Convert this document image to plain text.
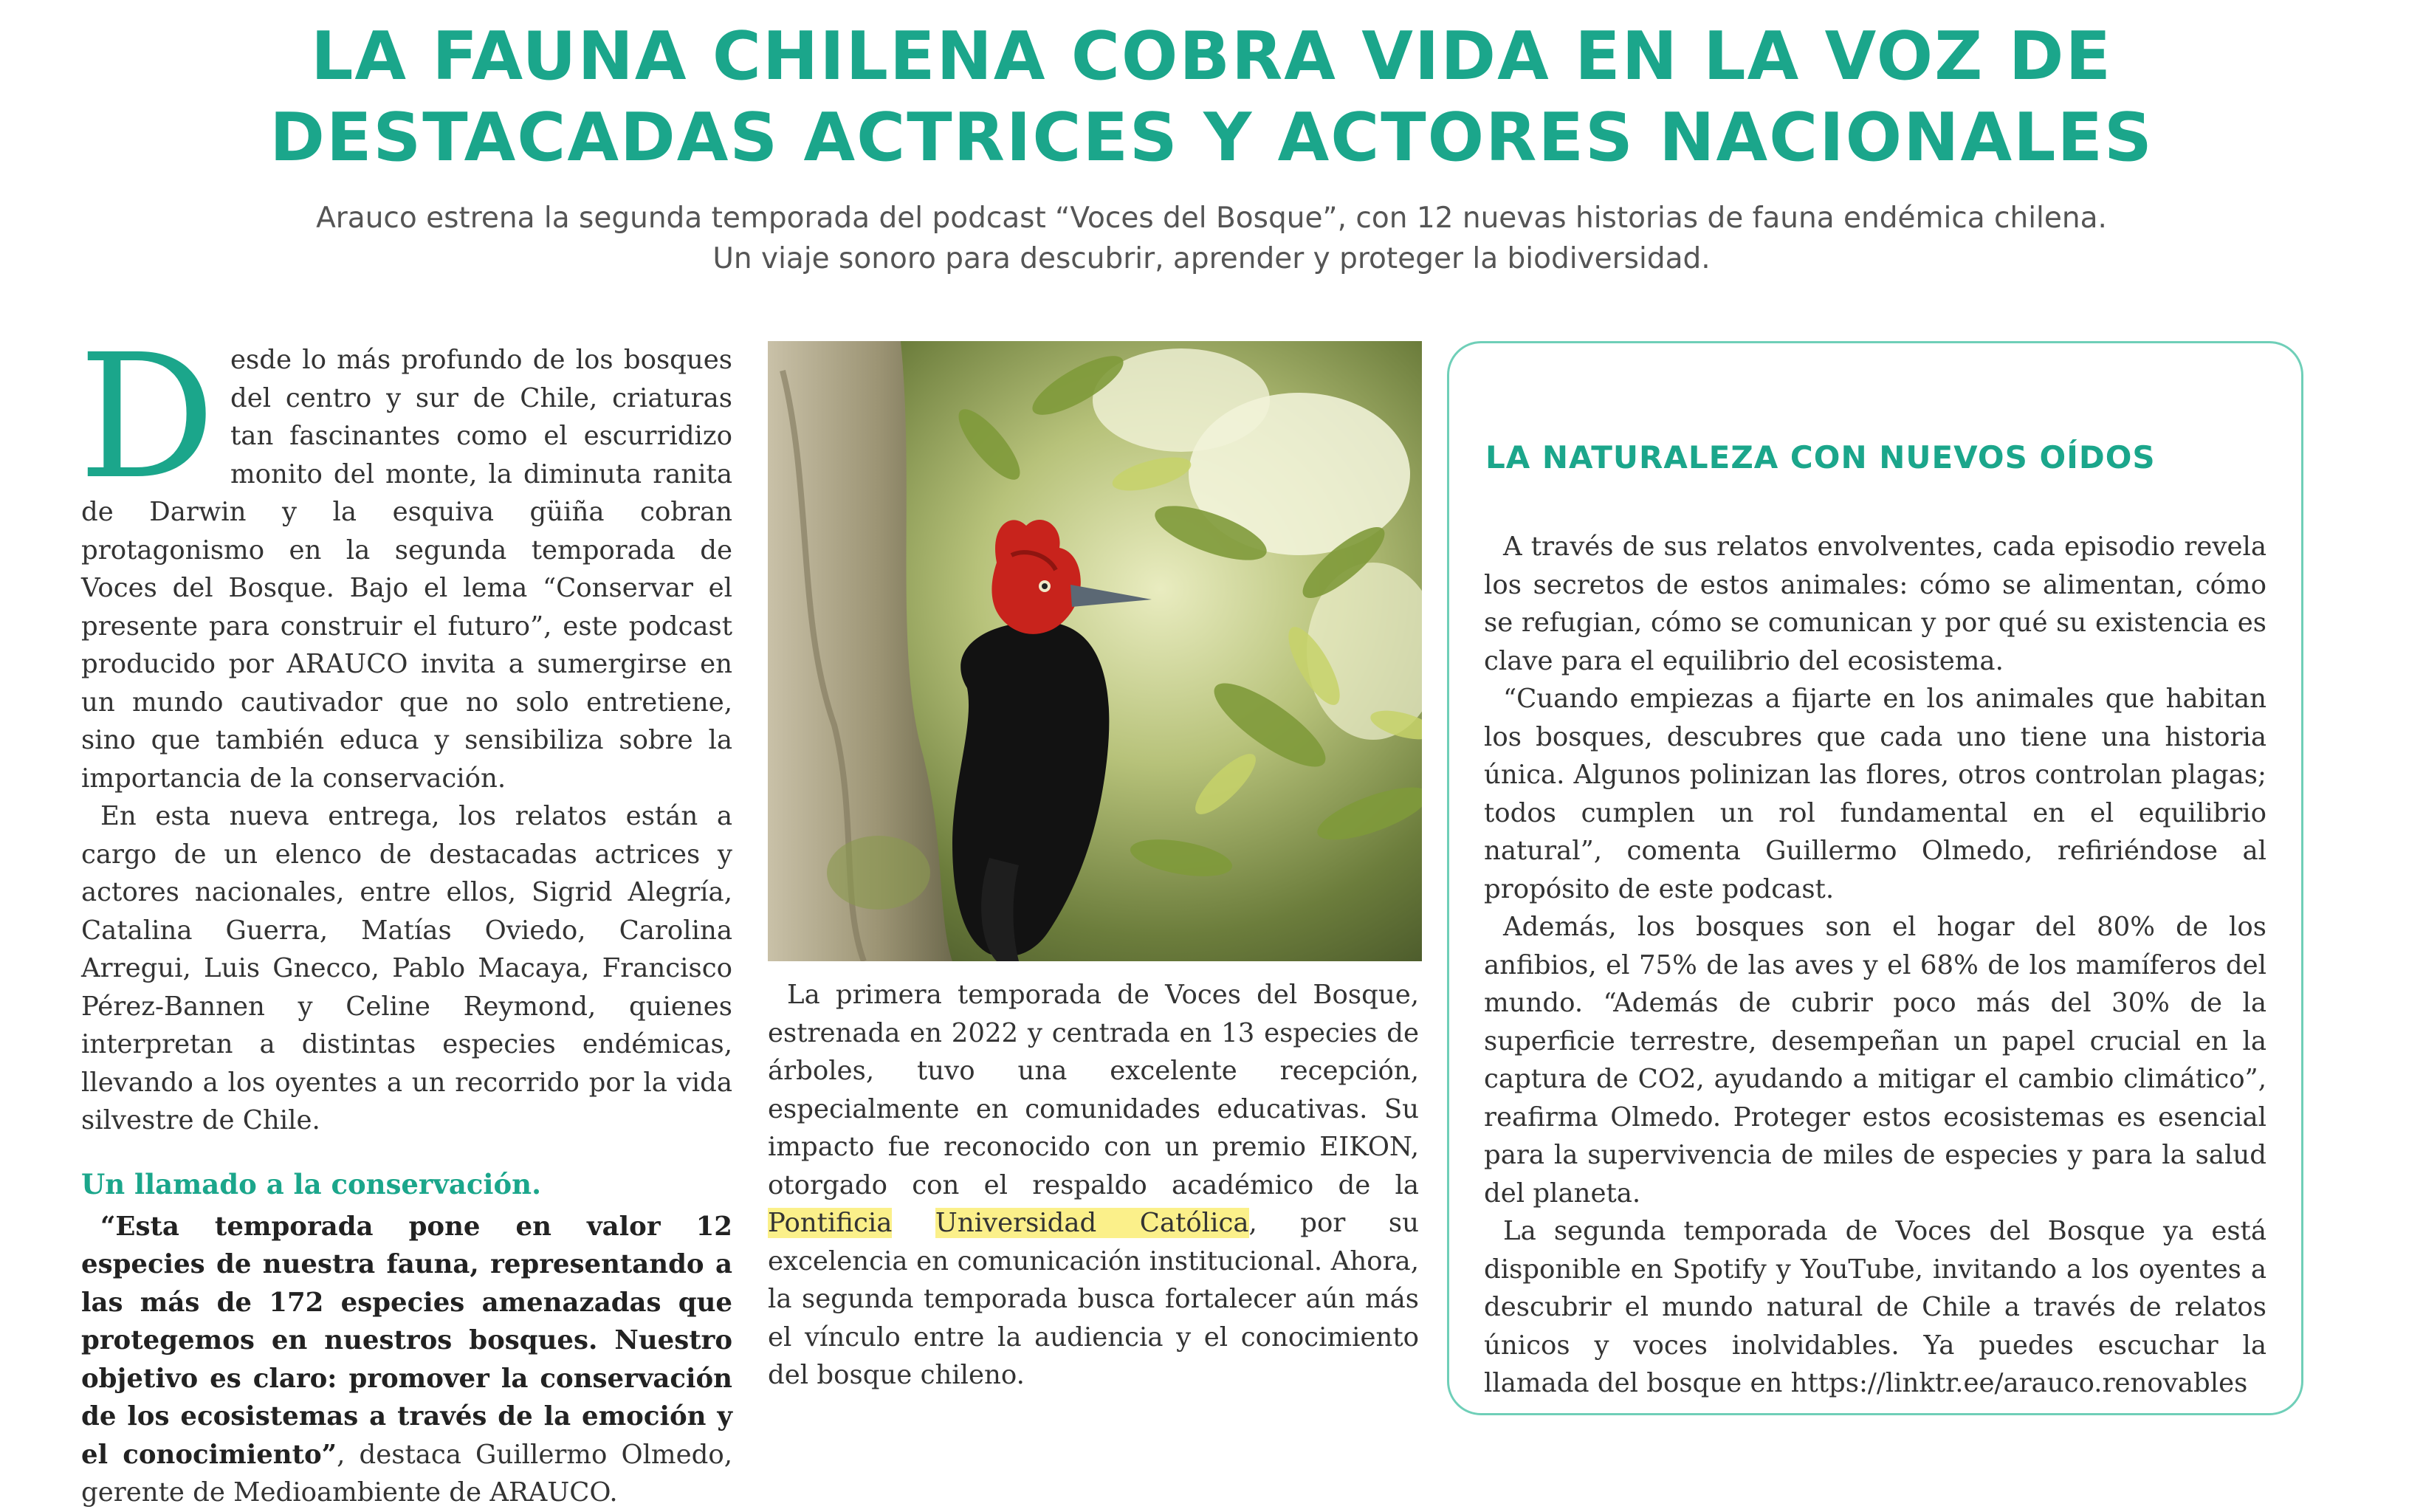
LA FAUNA CHILENA COBRA VIDA EN LA VOZ DE
DESTACADAS ACTRICES Y ACTORES NACIONALES

Arauco estrena la segunda temporada del podcast “Voces del Bosque”, con 12 nuevas historias de fauna endémica chilena.
Un viaje sonoro para descubrir, aprender y proteger la biodiversidad.

D esde lo más profundo de los bosques del centro y sur de Chile, criaturas tan fascinantes como el escurridizo monito del monte, la diminuta ranita de Darwin y la esquiva güiña cobran protagonismo en la segunda temporada de Voces del Bosque. Bajo el lema “Conservar el presente para construir el futuro”, este podcast producido por ARAUCO invita a sumergirse en un mundo cautivador que no solo entretiene, sino que también educa y sensibiliza sobre la importancia de la conservación.

En esta nueva entrega, los relatos están a cargo de un elenco de destacadas actrices y actores nacionales, entre ellos, Sigrid Alegría, Catalina Guerra, Matías Oviedo, Carolina Arregui, Luis Gnecco, Pablo Macaya, Francisco Pérez-Bannen y Celine Reymond, quienes interpretan a distintas especies endémicas, llevando a los oyentes a un recorrido por la vida silvestre de Chile.

Un llamado a la conservación.

“Esta temporada pone en valor 12 especies de nuestra fauna, representando a las más de 172 especies amenazadas que protegemos en nuestros bosques. Nuestro objetivo es claro: promover la conservación de los ecosistemas a través de la emoción y el conocimiento”, destaca Guillermo Olmedo, gerente de Medioambiente de ARAUCO.

La primera temporada de Voces del Bosque, estrenada en 2022 y centrada en 13 especies de árboles, tuvo una excelente recepción, especialmente en comunidades educativas. Su impacto fue reconocido con un premio EIKON, otorgado con el respaldo académico de la Pontificia Universidad Católica, por su excelencia en comunicación institucional. Ahora, la segunda temporada busca fortalecer aún más el vínculo entre la audiencia y el conocimiento del bosque chileno.

LA NATURALEZA CON NUEVOS OÍDOS

A través de sus relatos envolventes, cada episodio revela los secretos de estos animales: cómo se alimentan, cómo se refugian, cómo se comunican y por qué su existencia es clave para el equilibrio del ecosistema.

“Cuando empiezas a fijarte en los animales que habitan los bosques, descubres que cada uno tiene una historia única. Algunos polinizan las flores, otros controlan plagas; todos cumplen un rol fundamental en el equilibrio natural”, comenta Guillermo Olmedo, refiriéndose al propósito de este podcast.

Además, los bosques son el hogar del 80% de los anfibios, el 75% de las aves y el 68% de los mamíferos del mundo. “Además de cubrir poco más del 30% de la superficie terrestre, desempeñan un papel crucial en la captura de CO2, ayudando a mitigar el cambio climático”, reafirma Olmedo. Proteger estos ecosistemas es esencial para la supervivencia de miles de especies y para la salud del planeta.

La segunda temporada de Voces del Bosque ya está disponible en Spotify y YouTube, invitando a los oyentes a descubrir el mundo natural de Chile a través de relatos únicos y voces inolvidables. Ya puedes escuchar la llamada del bosque en https://linktr.ee/arauco.renovables
